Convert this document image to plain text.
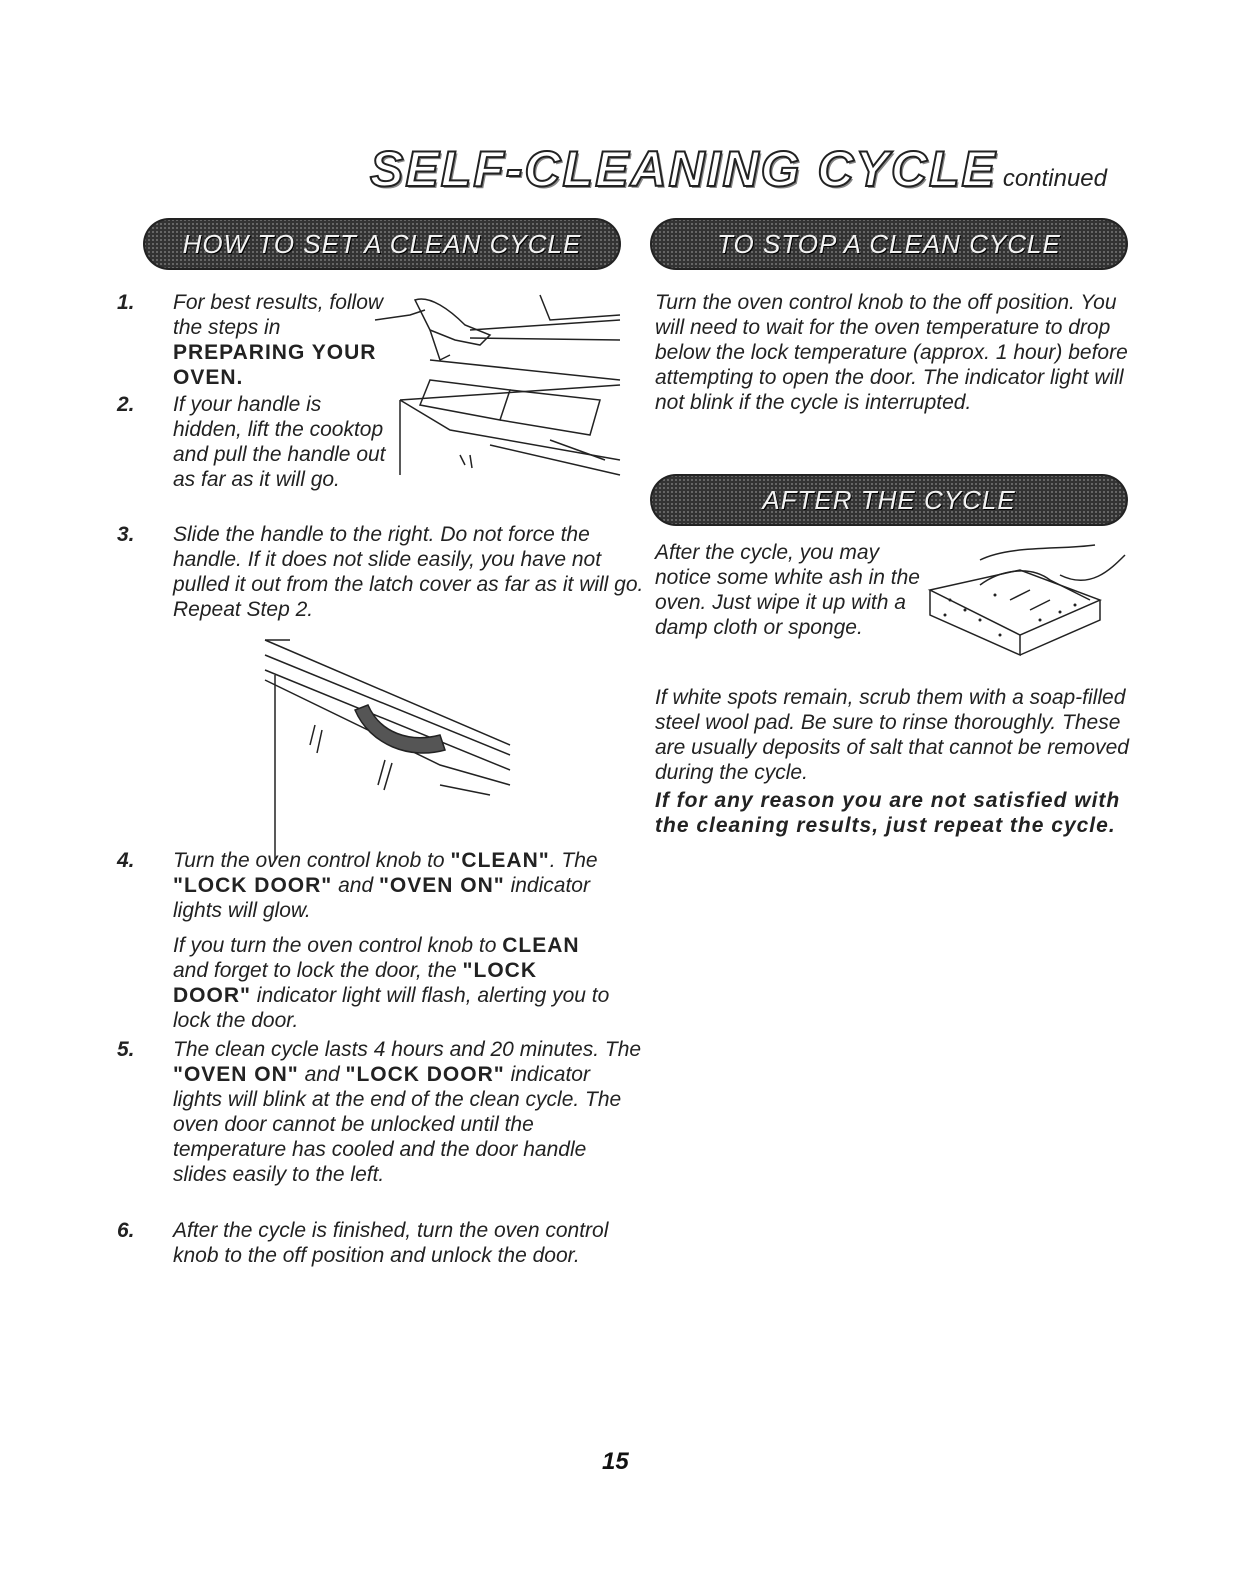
SELF-CLEANING CYCLE continued
HOW TO SET A CLEAN CYCLE	TO STOP A CLEAN CYCLE
1. For best results, follow the steps in PREPARING YOUR OVEN.
2. If your handle is hidden, lift the cooktop and pull the handle out as far as it will go.
3. Slide the handle to the right. Do not force the handle. If it does not slide easily, you have not pulled it out from the latch cover as far as it will go. Repeat Step 2.
4. Turn the oven control knob to "CLEAN". The "LOCK DOOR" and "OVEN ON" indicator lights will glow.
If you turn the oven control knob to CLEAN and forget to lock the door, the "LOCK DOOR" indicator light will flash, alerting you to lock the door.
5. The clean cycle lasts 4 hours and 20 minutes. The "OVEN ON" and "LOCK DOOR" indicator lights will blink at the end of the clean cycle. The oven door cannot be unlocked until the temperature has cooled and the door handle slides easily to the left.
6. After the cycle is finished, turn the oven control knob to the off position and unlock the door.
Turn the oven control knob to the off position. You will need to wait for the oven temperature to drop below the lock temperature (approx. 1 hour) before attempting to open the door. The indicator light will not blink if the cycle is interrupted.
AFTER THE CYCLE
After the cycle, you may notice some white ash in the oven. Just wipe it up with a damp cloth or sponge.
If white spots remain, scrub them with a soap-filled steel wool pad. Be sure to rinse thoroughly. These are usually deposits of salt that cannot be removed during the cycle.
If for any reason you are not satisfied with the cleaning results, just repeat the cycle.
15
